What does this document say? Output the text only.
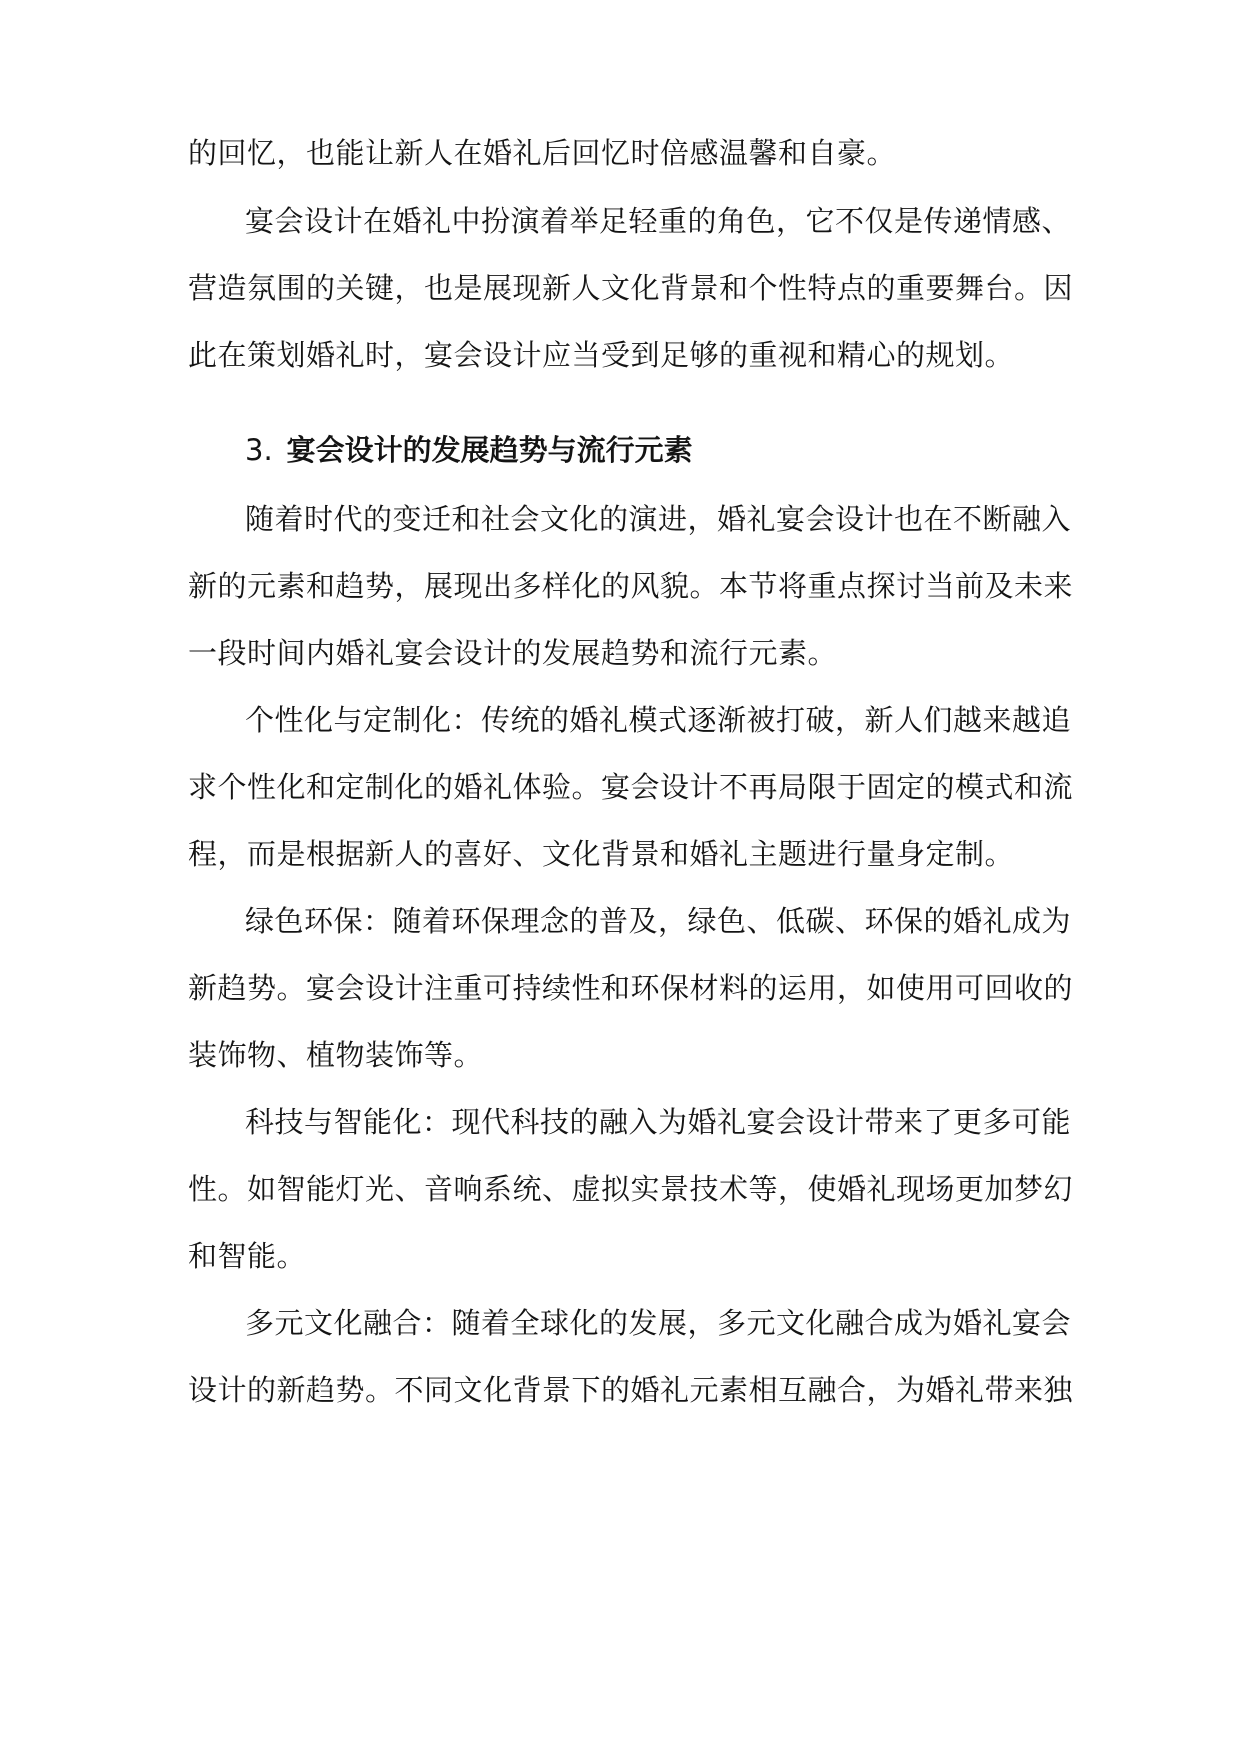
的回忆，也能让新人在婚礼后回忆时倍感温馨和自豪。
宴会设计在婚礼中扮演着举足轻重的角色，它不仅是传递情感、
营造氛围的关键，也是展现新人文化背景和个性特点的重要舞台。因
此在策划婚礼时，宴会设计应当受到足够的重视和精心的规划。
3. 宴会设计的发展趋势与流行元素
随着时代的变迁和社会文化的演进，婚礼宴会设计也在不断融入
新的元素和趋势，展现出多样化的风貌。本节将重点探讨当前及未来
一段时间内婚礼宴会设计的发展趋势和流行元素。
个性化与定制化：传统的婚礼模式逐渐被打破，新人们越来越追
求个性化和定制化的婚礼体验。宴会设计不再局限于固定的模式和流
程，而是根据新人的喜好、文化背景和婚礼主题进行量身定制。
绿色环保：随着环保理念的普及，绿色、低碳、环保的婚礼成为
新趋势。宴会设计注重可持续性和环保材料的运用，如使用可回收的
装饰物、植物装饰等。
科技与智能化：现代科技的融入为婚礼宴会设计带来了更多可能
性。如智能灯光、音响系统、虚拟实景技术等，使婚礼现场更加梦幻
和智能。
多元文化融合：随着全球化的发展，多元文化融合成为婚礼宴会
设计的新趋势。不同文化背景下的婚礼元素相互融合，为婚礼带来独
